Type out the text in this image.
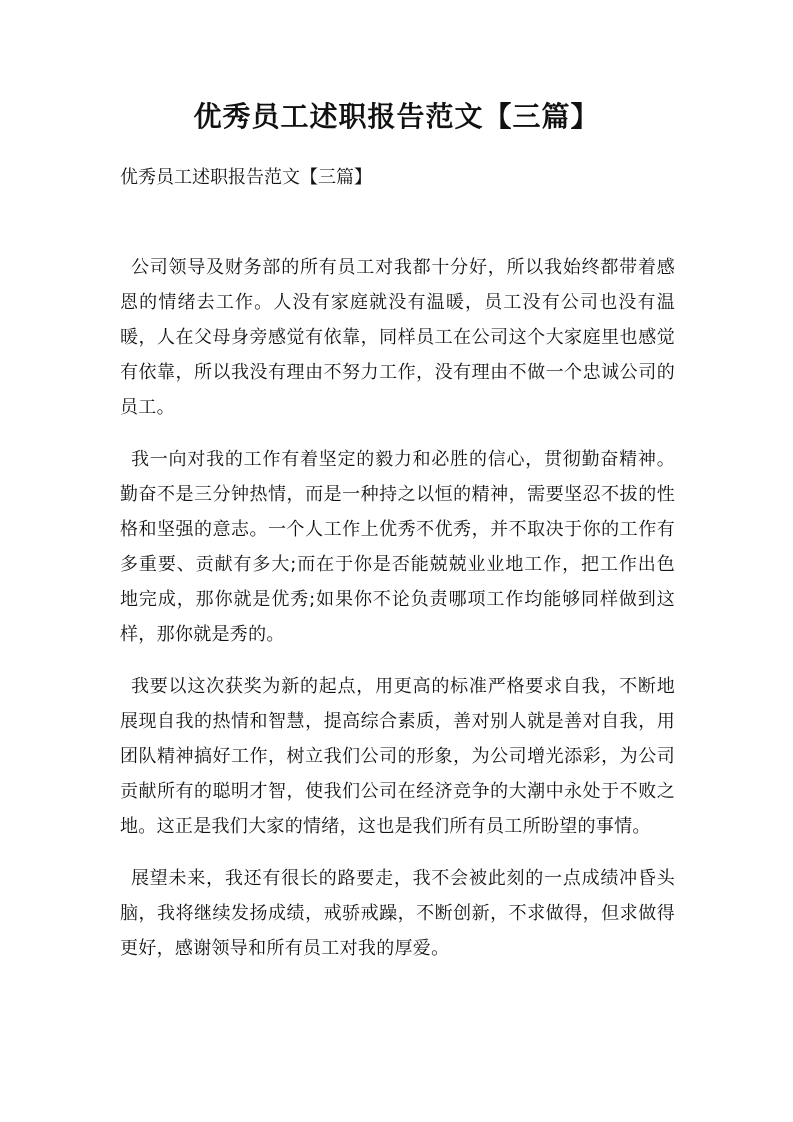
优秀员工述职报告范文【三篇】

优秀员工述职报告范文【三篇】

公司领导及财务部的所有员工对我都十分好，所以我始终都带着感恩的情绪去工作。人没有家庭就没有温暖，员工没有公司也没有温暖，人在父母身旁感觉有依靠，同样员工在公司这个大家庭里也感觉有依靠，所以我没有理由不努力工作，没有理由不做一个忠诚公司的员工。

我一向对我的工作有着坚定的毅力和必胜的信心，贯彻勤奋精神。勤奋不是三分钟热情，而是一种持之以恒的精神，需要坚忍不拔的性格和坚强的意志。一个人工作上优秀不优秀，并不取决于你的工作有多重要、贡献有多大;而在于你是否能兢兢业业地工作，把工作出色地完成，那你就是优秀;如果你不论负责哪项工作均能够同样做到这样，那你就是秀的。

我要以这次获奖为新的起点，用更高的标准严格要求自我，不断地展现自我的热情和智慧，提高综合素质，善对别人就是善对自我，用团队精神搞好工作，树立我们公司的形象，为公司增光添彩，为公司贡献所有的聪明才智，使我们公司在经济竞争的大潮中永处于不败之地。这正是我们大家的情绪，这也是我们所有员工所盼望的事情。

展望未来，我还有很长的路要走，我不会被此刻的一点成绩冲昏头脑，我将继续发扬成绩，戒骄戒躁，不断创新，不求做得，但求做得更好，感谢领导和所有员工对我的厚爱。
